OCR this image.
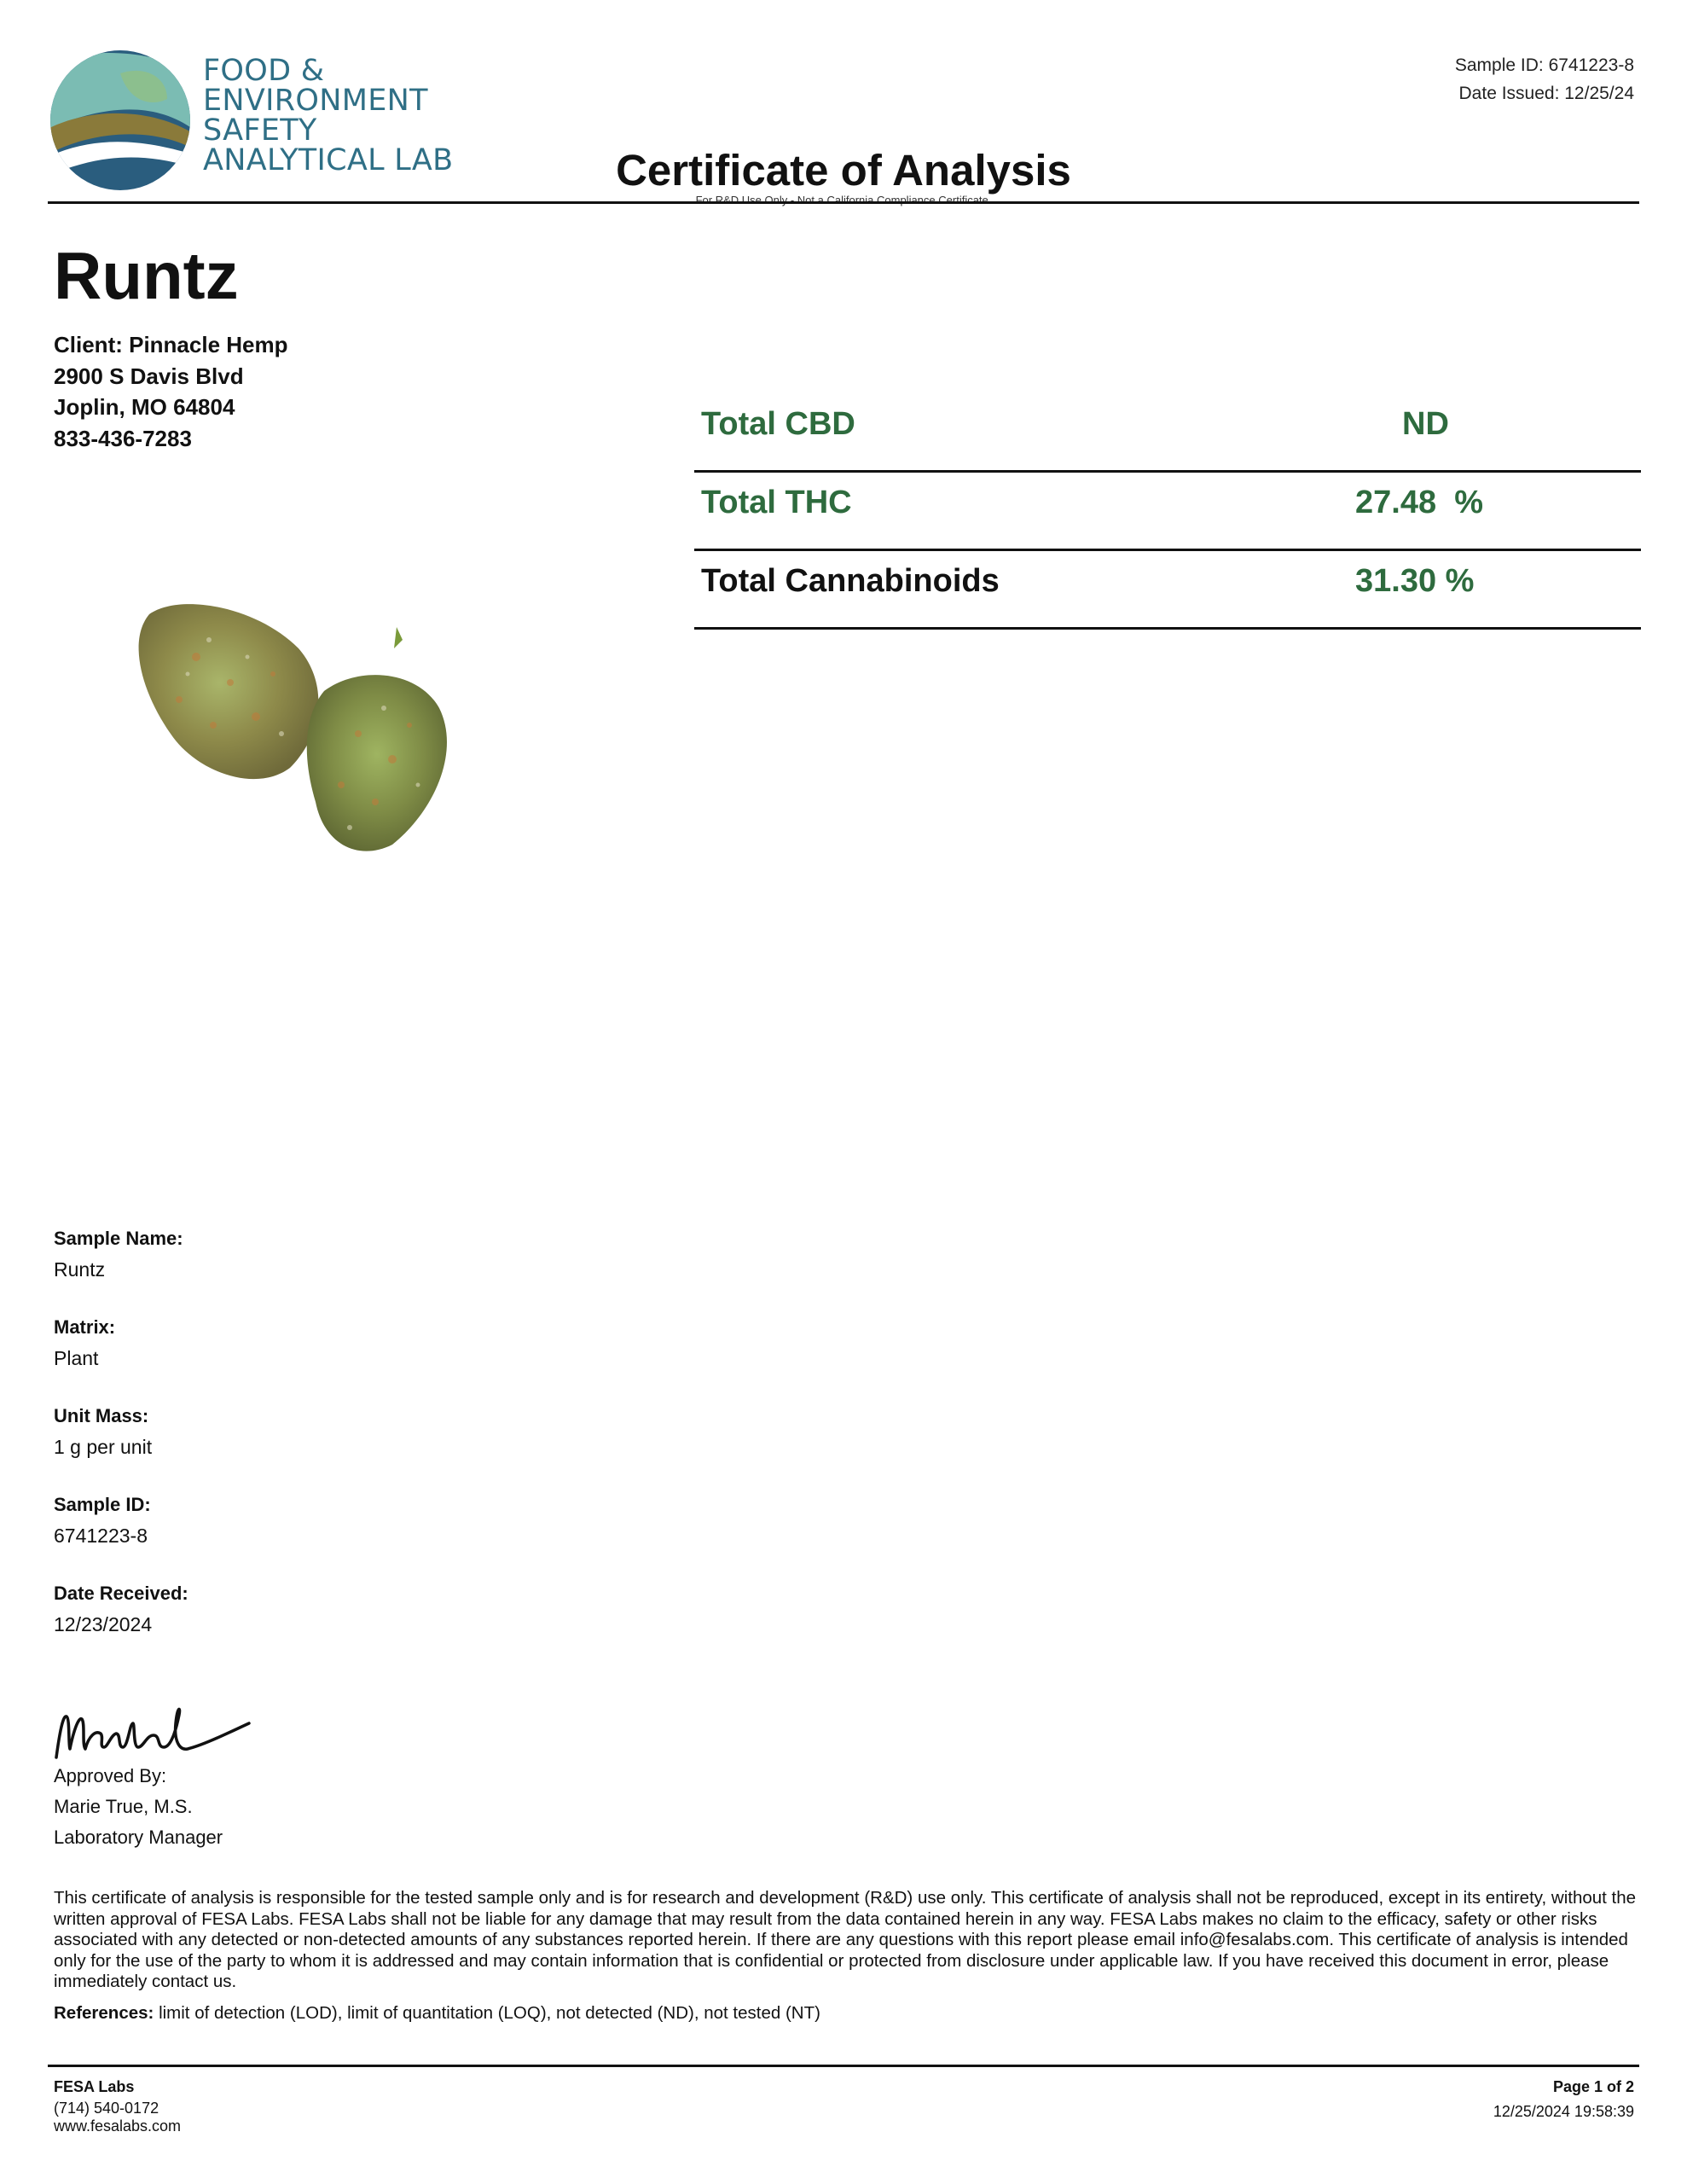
FOOD &
ENVIRONMENT
SAFETY
ANALYTICAL LAB	Certificate of Analysis
For R&D Use Only - Not a California Compliance Certificate.
Sample ID: 6741223-8
Date Issued: 12/25/24
Runtz
Client: Pinnacle Hemp
2900 S Davis Blvd
Joplin, MO 64804
833-436-7283	Total CBD	ND
Total THC	27.48  %
Total Cannabinoids	31.30 %
Sample Name:
Runtz
Matrix:
Plant
Unit Mass:
1 g per unit
Sample ID:
6741223-8
Date Received:
12/23/2024
Approved By:
Marie True, M.S.
Laboratory Manager
This certificate of analysis is responsible for the tested sample only and is for research and development (R&D) use only. This certificate of analysis shall not be reproduced, except in its entirety, without the written approval of FESA Labs. FESA Labs shall not be liable for any damage that may result from the data contained herein in any way. FESA Labs makes no claim to the efficacy, safety or other risks associated with any detected or non-detected amounts of any substances reported herein. If there are any questions with this report please email info@fesalabs.com. This certificate of analysis is intended only for the use of the party to whom it is addressed and may contain information that is confidential or protected from disclosure under applicable law. If you have received this document in error, please immediately contact us.
References: limit of detection (LOD), limit of quantitation (LOQ), not detected (ND), not tested (NT)
FESA Labs
(714) 540-0172
www.fesalabs.com
Page 1 of 2
12/25/2024 19:58:39
